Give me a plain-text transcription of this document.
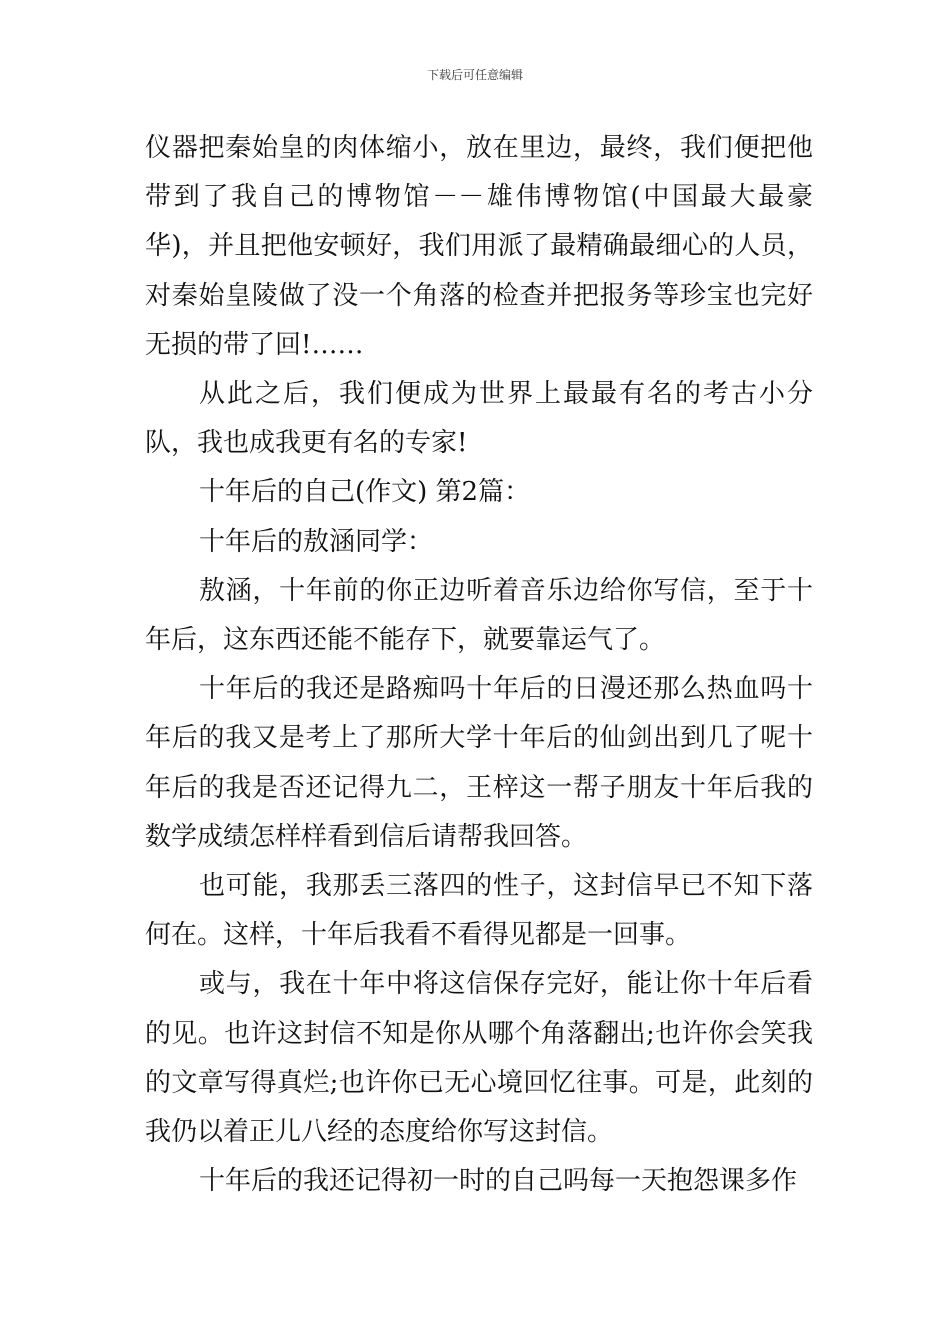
下载后可任意编辑

仪器把秦始皇的肉体缩小，放在里边，最终，我们便把他带到了我自己的博物馆－－雄伟博物馆(中国最大最豪华)，并且把他安顿好，我们用派了最精确最细心的人员，对秦始皇陵做了没一个角落的检查并把报务等珍宝也完好无损的带了回!……

从此之后，我们便成为世界上最最有名的考古小分队，我也成我更有名的专家!

十年后的自己(作文) 第2篇：

十年后的敖涵同学：

敖涵，十年前的你正边听着音乐边给你写信，至于十年后，这东西还能不能存下，就要靠运气了。

十年后的我还是路痴吗十年后的日漫还那么热血吗十年后的我又是考上了那所大学十年后的仙剑出到几了呢十年后的我是否还记得九二，王梓这一帮子朋友十年后我的数学成绩怎样样看到信后请帮我回答。

也可能，我那丢三落四的性子，这封信早已不知下落何在。这样，十年后我看不看得见都是一回事。

或与，我在十年中将这信保存完好，能让你十年后看的见。也许这封信不知是你从哪个角落翻出;也许你会笑我的文章写得真烂;也许你已无心境回忆往事。可是，此刻的我仍以着正儿八经的态度给你写这封信。

十年后的我还记得初一时的自己吗每一天抱怨课多作
